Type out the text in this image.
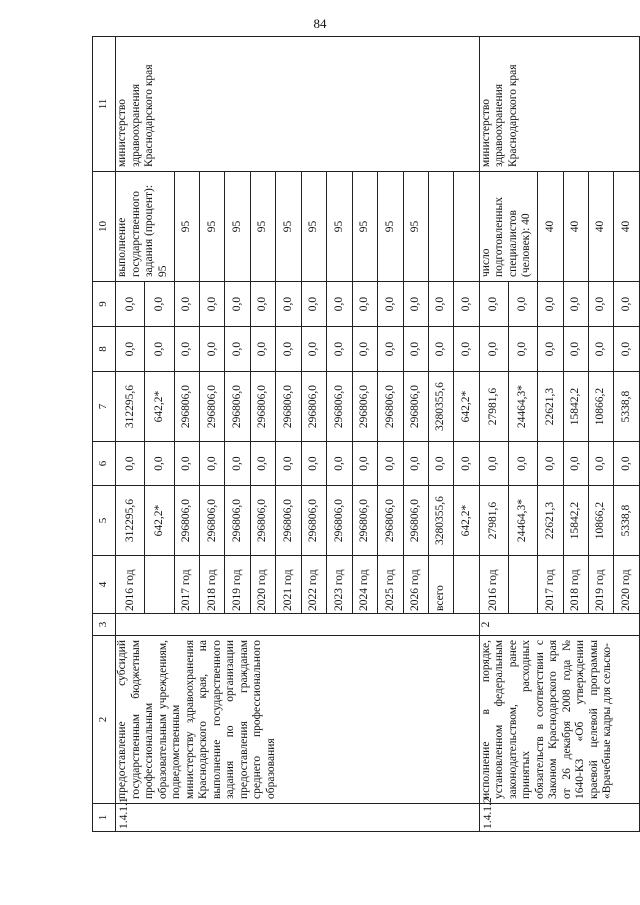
84
1	2	3	4	5	6	7	8	9	10	11
1.4.1.1	предоставление субсидий государственным бюджетным профессиональным образовательным учреждениям, подведомственным министерству здравоохранения Краснодарского края, на выполнение государственного задания по организации предоставления гражданам среднего профессионального образования		2016 год	312295,6	0,0	312295,6	0,0	0,0	выполнение государственного задания (процент): 95	министерство здравоохранения Краснодарского края
				642,2*	0,0	642,2*	0,0	0,0		
			2017 год	296806,0	0,0	296806,0	0,0	0,0	95	
			2018 год	296806,0	0,0	296806,0	0,0	0,0	95	
			2019 год	296806,0	0,0	296806,0	0,0	0,0	95	
			2020 год	296806,0	0,0	296806,0	0,0	0,0	95	
			2021 год	296806,0	0,0	296806,0	0,0	0,0	95	
			2022 год	296806,0	0,0	296806,0	0,0	0,0	95	
			2023 год	296806,0	0,0	296806,0	0,0	0,0	95	
			2024 год	296806,0	0,0	296806,0	0,0	0,0	95	
			2025 год	296806,0	0,0	296806,0	0,0	0,0	95	
			2026 год	296806,0	0,0	296806,0	0,0	0,0	95	
			всего	3280355,6	0,0	3280355,6	0,0	0,0		
				642,2*	0,0	642,2*	0,0	0,0		
1.4.1.2	исполнение в порядке, установленном федеральным законодательством, ранее принятых расходных обязательств в соответствии с Законом Краснодарского края от 26 декабря 2008 года № 1640-КЗ «Об утверждении краевой целевой программы «Врачебные кадры для сельско-	2	2016 год	27981,6	0,0	27981,6	0,0	0,0	число подготовленных специалистов (человек): 40	министерство здравоохранения Краснодарского края
				24464,3*	0,0	24464,3*	0,0	0,0		
			2017 год	22621,3	0,0	22621,3	0,0	0,0	40	
			2018 год	15842,2	0,0	15842,2	0,0	0,0	40	
			2019 год	10866,2	0,0	10866,2	0,0	0,0	40	
			2020 год	5338,8	0,0	5338,8	0,0	0,0	40	
